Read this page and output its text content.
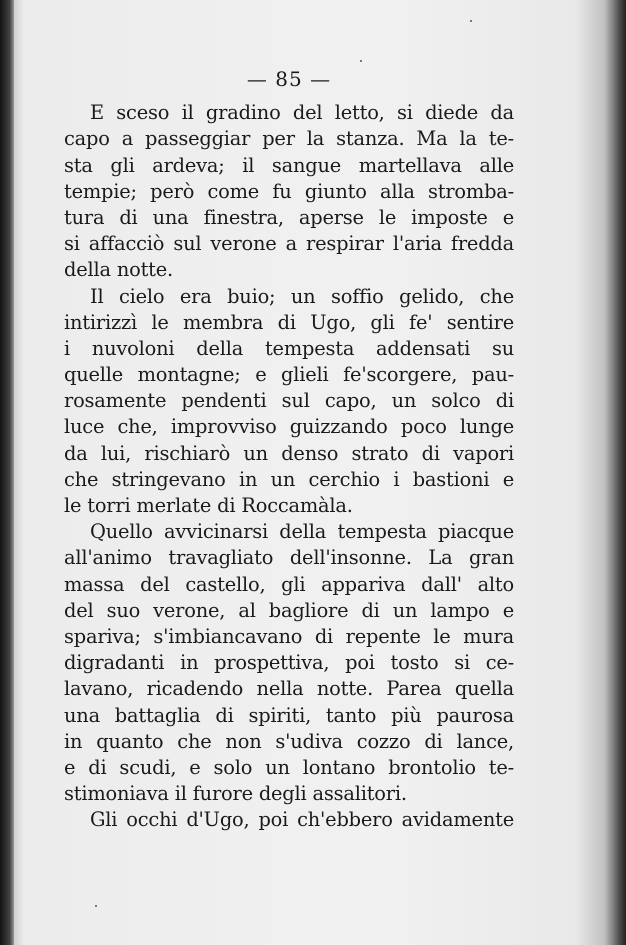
— 85 —
E sceso il gradino del letto, si diede da
capo a passeggiar per la stanza. Ma la te-
sta gli ardeva; il sangue martellava alle
tempie; però come fu giunto alla stromba-
tura di una finestra, aperse le imposte e
si affacciò sul verone a respirar l'aria fredda
della notte.
Il cielo era buio; un soffio gelido, che
intirizzì le membra di Ugo, gli fe' sentire
i nuvoloni della tempesta addensati su
quelle montagne; e glieli fe'scorgere, pau-
rosamente pendenti sul capo, un solco di
luce che, improvviso guizzando poco lunge
da lui, rischiarò un denso strato di vapori
che stringevano in un cerchio i bastioni e
le torri merlate di Roccamàla.
Quello avvicinarsi della tempesta piacque
all'animo travagliato dell'insonne. La gran
massa del castello, gli appariva dall' alto
del suo verone, al bagliore di un lampo e
spariva; s'imbiancavano di repente le mura
digradanti in prospettiva, poi tosto si ce-
lavano, ricadendo nella notte. Parea quella
una battaglia di spiriti, tanto più paurosa
in quanto che non s'udiva cozzo di lance,
e di scudi, e solo un lontano brontolio te-
stimoniava il furore degli assalitori.
Gli occhi d'Ugo, poi ch'ebbero avidamente
